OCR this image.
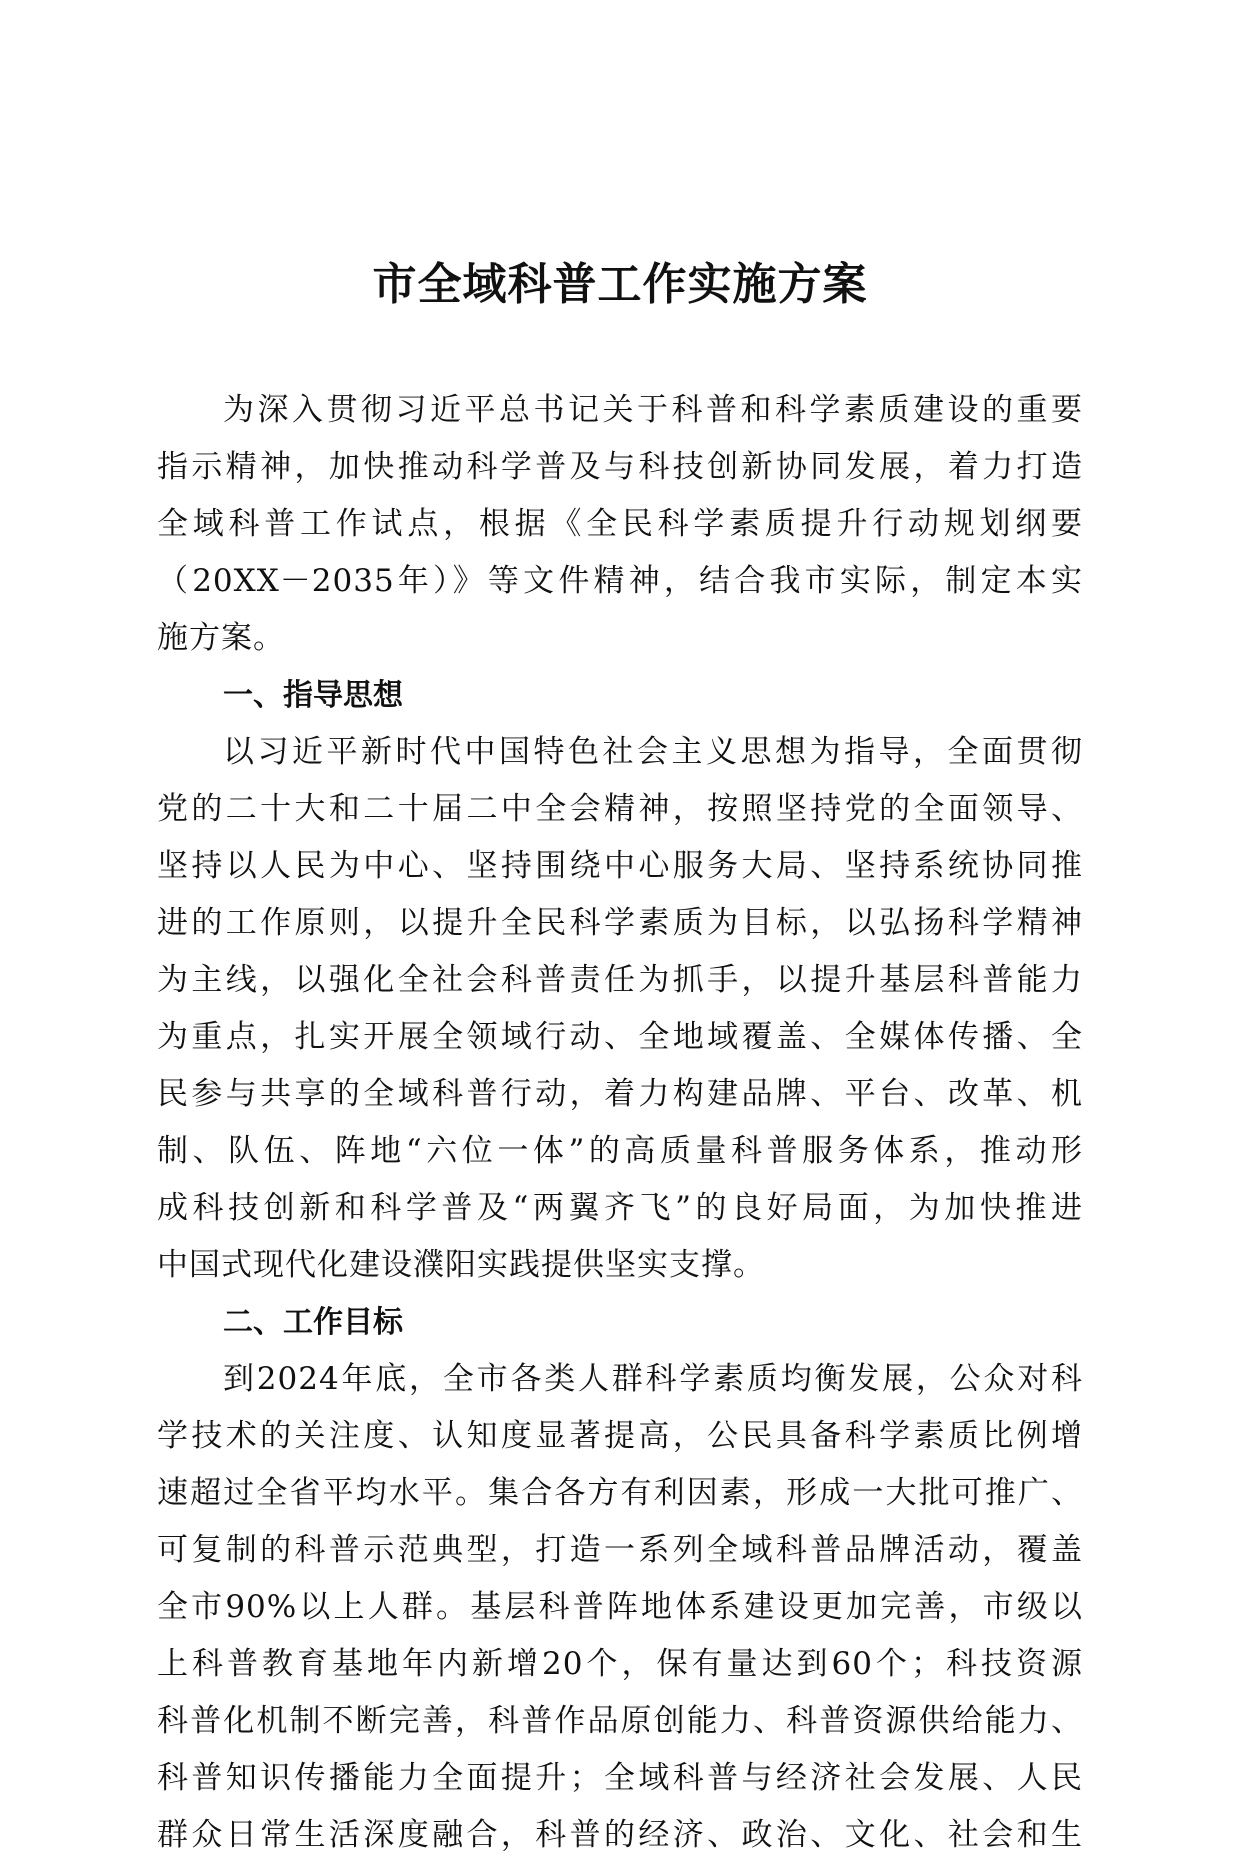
市全域科普工作实施方案
为深入贯彻习近平总书记关于科普和科学素质建设的重要
指示精神，加快推动科学普及与科技创新协同发展，着力打造
全域科普工作试点，根据《全民科学素质提升行动规划纲要
（20XX－2035年）》等文件精神，结合我市实际，制定本实
施方案。
一、指导思想
以习近平新时代中国特色社会主义思想为指导，全面贯彻
党的二十大和二十届二中全会精神，按照坚持党的全面领导、
坚持以人民为中心、坚持围绕中心服务大局、坚持系统协同推
进的工作原则，以提升全民科学素质为目标，以弘扬科学精神
为主线，以强化全社会科普责任为抓手，以提升基层科普能力
为重点，扎实开展全领域行动、全地域覆盖、全媒体传播、全
民参与共享的全域科普行动，着力构建品牌、平台、改革、机
制、队伍、阵地“六位一体”的高质量科普服务体系，推动形
成科技创新和科学普及“两翼齐飞”的良好局面，为加快推进
中国式现代化建设濮阳实践提供坚实支撑。
二、工作目标
到2024年底，全市各类人群科学素质均衡发展，公众对科
学技术的关注度、认知度显著提高，公民具备科学素质比例增
速超过全省平均水平。集合各方有利因素，形成一大批可推广、
可复制的科普示范典型，打造一系列全域科普品牌活动，覆盖
全市90%以上人群。基层科普阵地体系建设更加完善，市级以
上科普教育基地年内新增20个，保有量达到60个；科技资源
科普化机制不断完善，科普作品原创能力、科普资源供给能力、
科普知识传播能力全面提升；全域科普与经济社会发展、人民
群众日常生活深度融合，科普的经济、政治、文化、社会和生
